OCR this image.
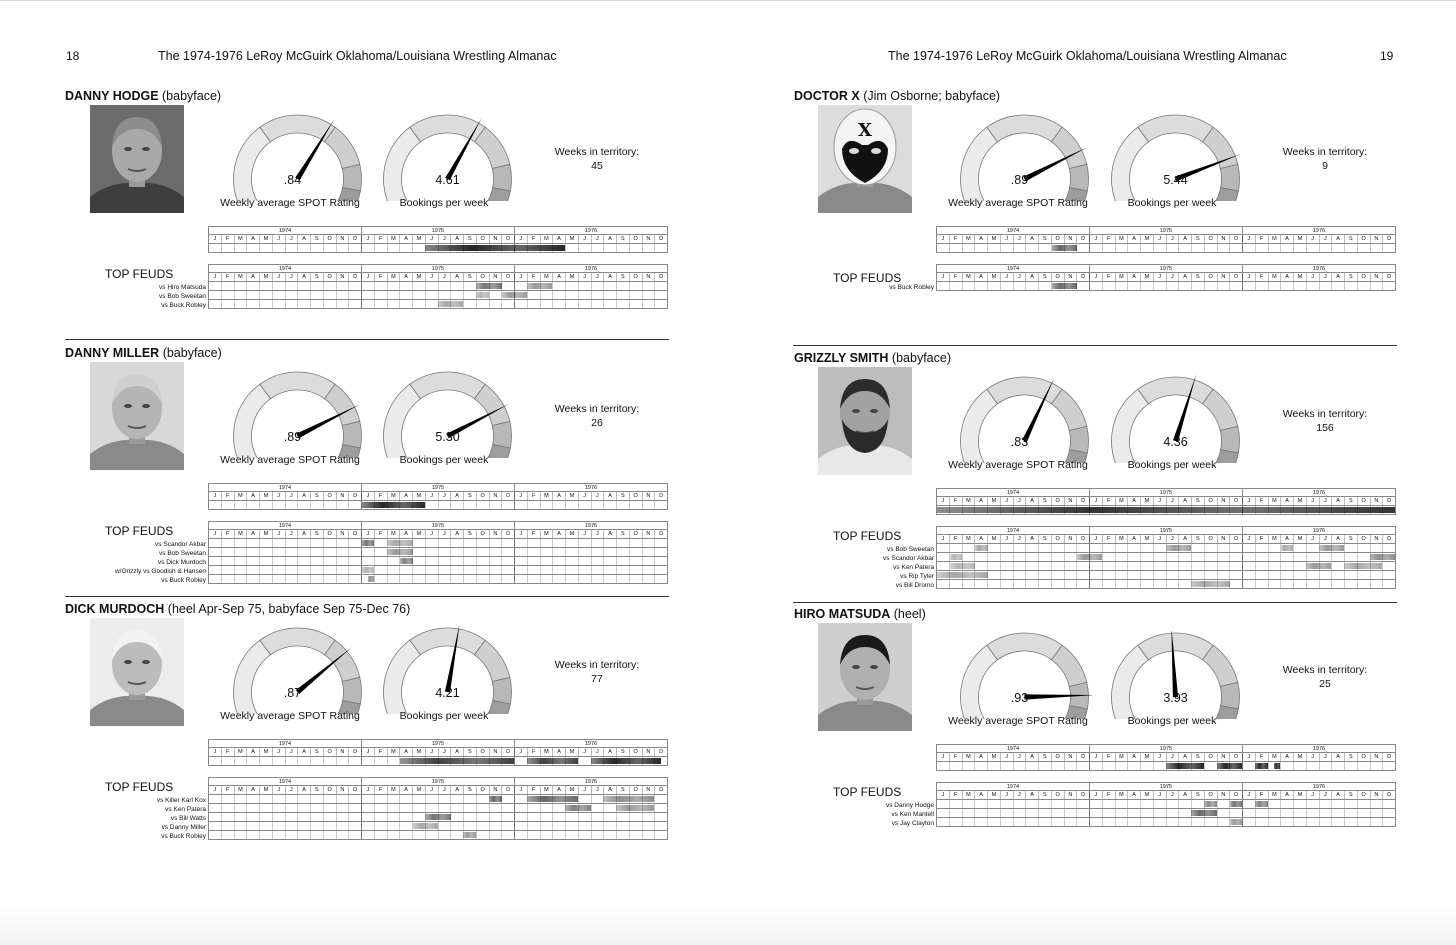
18	The 1974-1976 LeRoy McGuirk Oklahoma/Louisiana Wrestling Almanac
DANNY HODGE (babyface)
.84	4.61
Weekly average SPOT Rating	Bookings per week
Weeks in territory:
45
1974	1975	1976
J	F	M	A	M	J	J	A	S	O	N	D	J	F	M	A	M	J	J	A	S	O	N	D	J	F	M	A	M	J	J	A	S	O	N	D
TOP FEUDS	1974	1975	1976
J	F	M	A	M	J	J	A	S	O	N	D	J	F	M	A	M	J	J	A	S	O	N	D	J	F	M	A	M	J	J	A	S	O	N	D
vs Hiro Matsuda
vs Bob Sweetan
vs Buck Robley
DANNY MILLER (babyface)
.89	5.30
Weekly average SPOT Rating	Bookings per week
Weeks in territory:
26
1974	1975	1976
J	F	M	A	M	J	J	A	S	O	N	D	J	F	M	A	M	J	J	A	S	O	N	D	J	F	M	A	M	J	J	A	S	O	N	D
TOP FEUDS	1974	1975	1976
J	F	M	A	M	J	J	A	S	O	N	D	J	F	M	A	M	J	J	A	S	O	N	D	J	F	M	A	M	J	J	A	S	O	N	D
vs Scandor Akbar
vs Bob Sweetan
vs Dick Murdoch
w/Grizzly vs Goodish & Hansen
vs Buck Robley
DICK MURDOCH (heel Apr-Sep 75, babyface Sep 75-Dec 76)
.87	4.21
Weekly average SPOT Rating	Bookings per week
Weeks in territory:
77
1974	1975	1976
J	F	M	A	M	J	J	A	S	O	N	D	J	F	M	A	M	J	J	A	S	O	N	D	J	F	M	A	M	J	J	A	S	O	N	D
TOP FEUDS	1974	1975	1976
J	F	M	A	M	J	J	A	S	O	N	D	J	F	M	A	M	J	J	A	S	O	N	D	J	F	M	A	M	J	J	A	S	O	N	D
vs Killer Karl Kox
vs Ken Patera
vs Bill Watts
vs Danny Miller
vs Buck Robley
19
The 1974-1976 LeRoy McGuirk Oklahoma/Louisiana Wrestling Almanac
DOCTOR X (Jim Osborne; babyface)
X
.89	5.44
Weekly average SPOT Rating	Bookings per week
Weeks in territory:
9
1974	1975	1976
J	F	M	A	M	J	J	A	S	O	N	D	J	F	M	A	M	J	J	A	S	O	N	D	J	F	M	A	M	J	J	A	S	O	N	D
TOP FEUDS
1974	1975	1976
J	F	M	A	M	J	J	A	S	O	N	D	J	F	M	A	M	J	J	A	S	O	N	D	J	F	M	A	M	J	J	A	S	O	N	D
vs Buck Robley
GRIZZLY SMITH (babyface)
.83	4.36
Weekly average SPOT Rating	Bookings per week
Weeks in territory:
156
1974	1975	1976
J	F	M	A	M	J	J	A	S	O	N	D	J	F	M	A	M	J	J	A	S	O	N	D	J	F	M	A	M	J	J	A	S	O	N	D
TOP FEUDS	1974	1975	1976
J	F	M	A	M	J	J	A	S	O	N	D	J	F	M	A	M	J	J	A	S	O	N	D	J	F	M	A	M	J	J	A	S	O	N	D
vs Bob Sweetan
vs Scandor Akbar
vs Ken Patera
vs Rip Tyler
vs Bill Dromo
HIRO MATSUDA (heel)
.93	3.93
Weekly average SPOT Rating	Bookings per week
Weeks in territory:
25
1974	1975	1976
J	F	M	A	M	J	J	A	S	O	N	D	J	F	M	A	M	J	J	A	S	O	N	D	J	F	M	A	M	J	J	A	S	O	N	D
TOP FEUDS	1974	1975	1976
J	F	M	A	M	J	J	A	S	O	N	D	J	F	M	A	M	J	J	A	S	O	N	D	J	F	M	A	M	J	J	A	S	O	N	D
vs Danny Hodge
vs Ken Mantell
vs Jay Clayton
